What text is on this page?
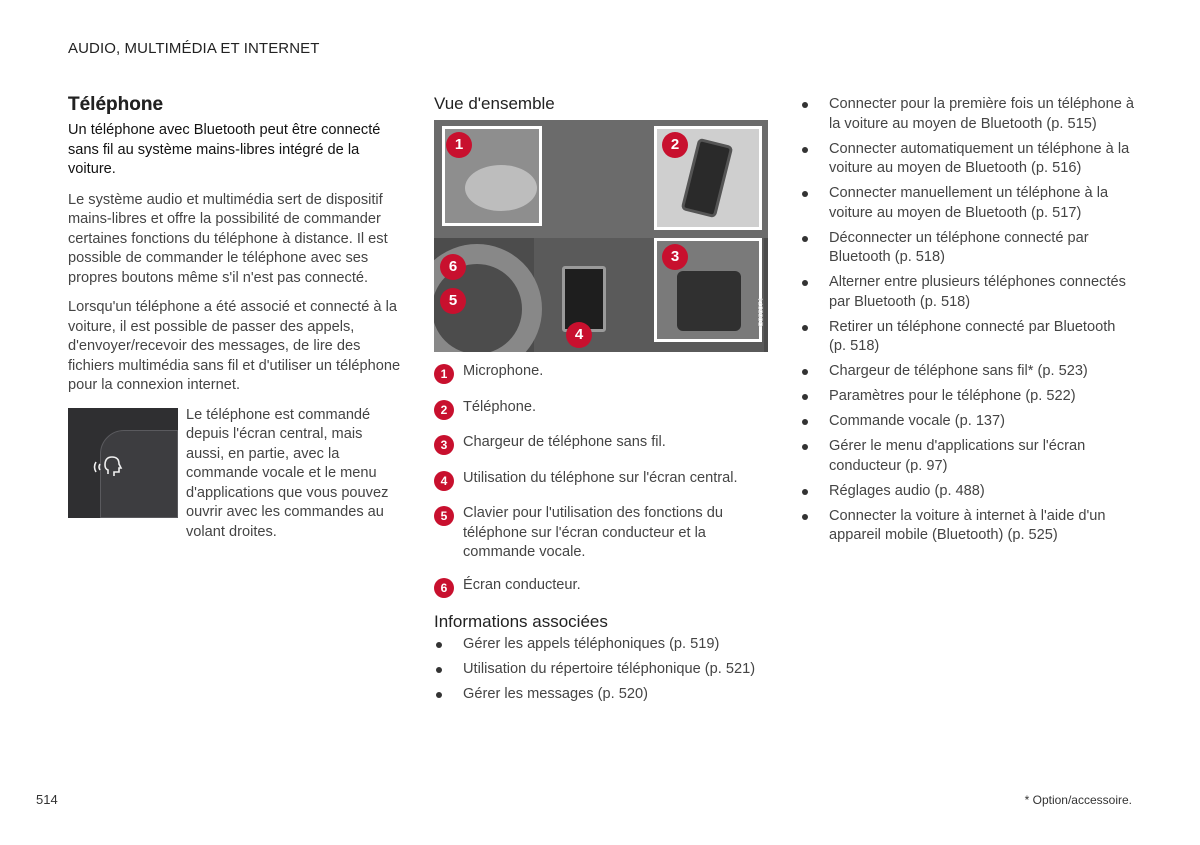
AUDIO, MULTIMÉDIA ET INTERNET
Téléphone

Un téléphone avec Bluetooth peut être connecté sans fil au système mains-libres intégré de la voiture.

Le système audio et multimédia sert de dispositif mains-libres et offre la possibilité de commander certaines fonctions du téléphone à distance. Il est possible de commander le téléphone avec ses propres boutons même s'il n'est pas connecté.

Lorsqu'un téléphone a été associé et connecté à la voiture, il est possible de passer des appels, d'envoyer/recevoir des messages, de lire des fichiers multimédia sans fil et d'utiliser un téléphone pour la connexion internet.

Le téléphone est commandé depuis l'écran central, mais aussi, en partie, avec la commande vocale et le menu d'applications que vous pouvez ouvrir avec les commandes au volant droites.

Vue d'ensemble
1	2
3
4
5
6
G066074
1	Microphone.
2	Téléphone.
3	Chargeur de téléphone sans fil.
4	Utilisation du téléphone sur l'écran central.
5	Clavier pour l'utilisation des fonctions du téléphone sur l'écran conducteur et la commande vocale.
6	Écran conducteur.
Informations associées
Gérer les appels téléphoniques (p. 519)
Utilisation du répertoire téléphonique (p. 521)
Gérer les messages (p. 520)
Connecter pour la première fois un téléphone à la voiture au moyen de Bluetooth (p. 515)
Connecter automatiquement un téléphone à la voiture au moyen de Bluetooth (p. 516)
Connecter manuellement un téléphone à la voiture au moyen de Bluetooth (p. 517)
Déconnecter un téléphone connecté par Bluetooth (p. 518)
Alterner entre plusieurs téléphones connectés par Bluetooth (p. 518)
Retirer un téléphone connecté par Bluetooth (p. 518)
Chargeur de téléphone sans fil* (p. 523)
Paramètres pour le téléphone (p. 522)
Commande vocale (p. 137)
Gérer le menu d'applications sur l'écran conducteur (p. 97)
Réglages audio (p. 488)
Connecter la voiture à internet à l'aide d'un appareil mobile (Bluetooth) (p. 525)
514	* Option/accessoire.
